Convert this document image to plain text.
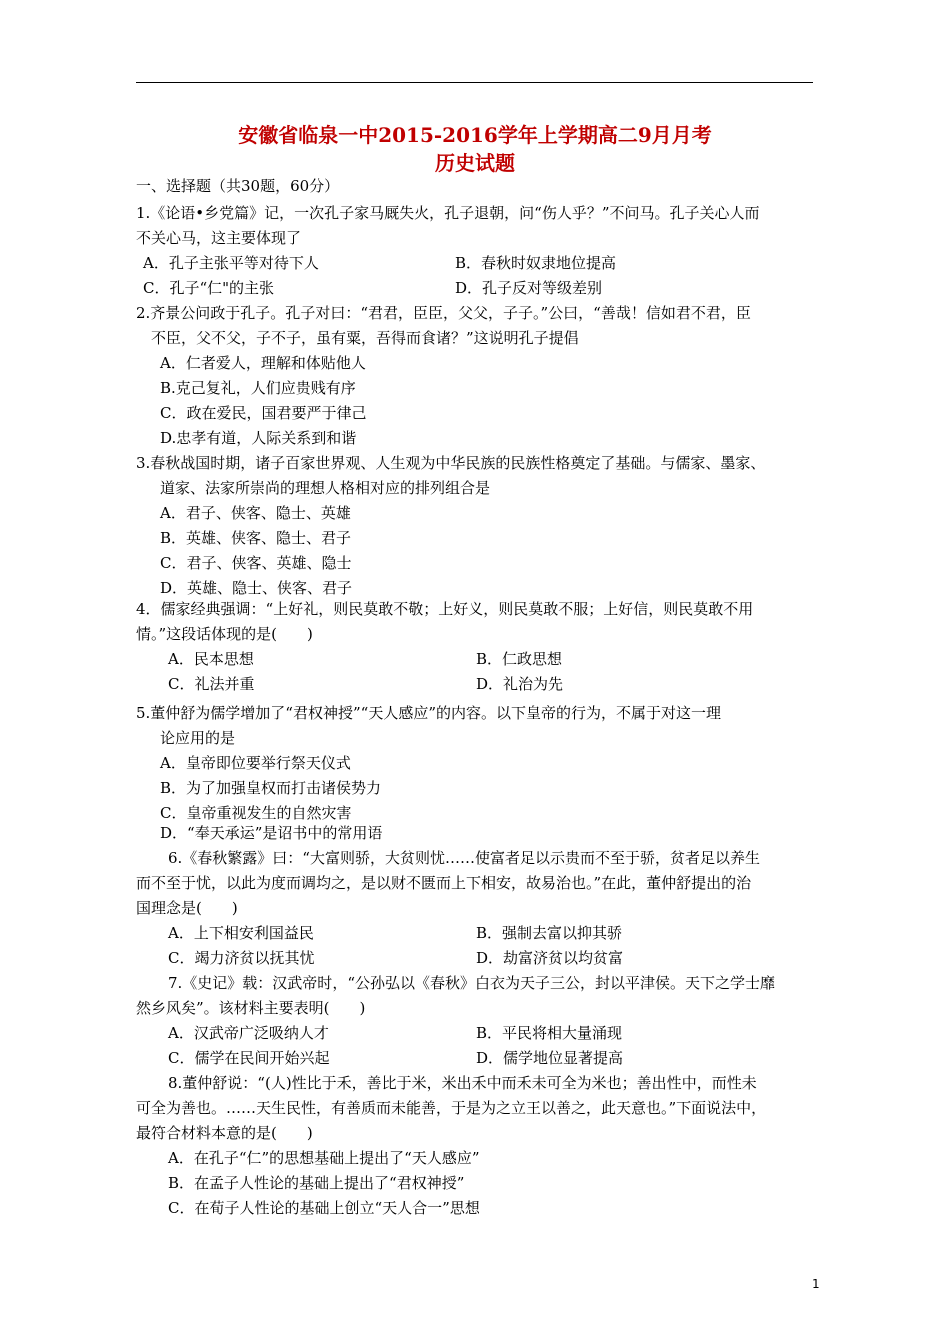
安徽省临泉一中2015-2016学年上学期高二9月月考
历史试题
一、选择题（共30题，60分）
1.《论语•乡党篇》记，一次孔子家马厩失火，孔子退朝，问“伤人乎？”不问马。孔子关心人而
不关心马，这主要体现了
A．孔子主张平等对待下人	B．春秋时奴隶地位提高
C．孔子“仁"的主张	D．孔子反对等级差别
2.齐景公问政于孔子。孔子对曰：“君君，臣臣，父父，子子。”公曰，“善哉！信如君不君，臣
不臣，父不父，子不子，虽有粟，吾得而食诸？”这说明孔子提倡
A．仁者爱人，理解和体贴他人
B.克己复礼，人们应贵贱有序
C．政在爱民，国君要严于律己
D.忠孝有道，人际关系到和谐
3.春秋战国时期，诸子百家世界观、人生观为中华民族的民族性格奠定了基础。与儒家、墨家、
道家、法家所崇尚的理想人格相对应的排列组合是
A．君子、侠客、隐士、英雄
B．英雄、侠客、隐士、君子
C．君子、侠客、英雄、隐士
D．英雄、隐士、侠客、君子
4．儒家经典强调：“上好礼，则民莫敢不敬；上好义，则民莫敢不服；上好信，则民莫敢不用
情。”这段话体现的是(　　)
A．民本思想	B．仁政思想
C．礼法并重	D．礼治为先
5.董仲舒为儒学增加了“君权神授”“天人感应”的内容。以下皇帝的行为，不属于对这一理
论应用的是
A．皇帝即位要举行祭天仪式
B．为了加强皇权而打击诸侯势力
C．皇帝重视发生的自然灾害
D．“奉天承运”是诏书中的常用语
6.《春秋繁露》曰：“大富则骄，大贫则忧……使富者足以示贵而不至于骄，贫者足以养生
而不至于忧，以此为度而调均之，是以财不匮而上下相安，故易治也。”在此，董仲舒提出的治
国理念是(　　)
A．上下相安利国益民	B．强制去富以抑其骄
C．竭力济贫以抚其忧	D．劫富济贫以均贫富
7.《史记》载：汉武帝时，“公孙弘以《春秋》白衣为天子三公，封以平津侯。天下之学士靡
然乡风矣”。该材料主要表明(　　)
A．汉武帝广泛吸纳人才	B．平民将相大量涌现
C．儒学在民间开始兴起	D．儒学地位显著提高
8.董仲舒说：“(人)性比于禾，善比于米，米出禾中而禾未可全为米也；善出性中，而性未
可全为善也。……天生民性，有善质而未能善，于是为之立王以善之，此天意也。”下面说法中，
最符合材料本意的是(　　)
A．在孔子“仁”的思想基础上提出了“天人感应”
B．在孟子人性论的基础上提出了“君权神授”
C．在荀子人性论的基础上创立“天人合一”思想
1
